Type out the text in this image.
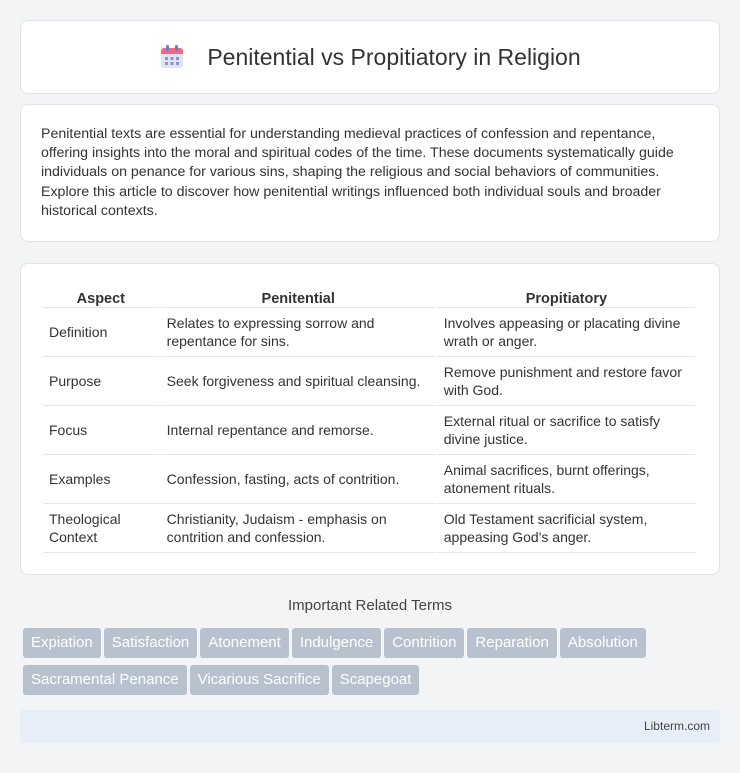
Penitential vs Propitiatory in Religion

Penitential texts are essential for understanding medieval practices of confession and repentance, offering insights into the moral and spiritual codes of the time. These documents systematically guide individuals on penance for various sins, shaping the religious and social behaviors of communities. Explore this article to discover how penitential writings influenced both individual souls and broader historical contexts.

Aspect	Penitential	Propitiatory
Definition	Relates to expressing sorrow and repentance for sins.	Involves appeasing or placating divine wrath or anger.
Purpose	Seek forgiveness and spiritual cleansing.	Remove punishment and restore favor with God.
Focus	Internal repentance and remorse.	External ritual or sacrifice to satisfy divine justice.
Examples	Confession, fasting, acts of contrition.	Animal sacrifices, burnt offerings, atonement rituals.
Theological Context	Christianity, Judaism - emphasis on contrition and confession.	Old Testament sacrificial system, appeasing God's anger.
Important Related Terms
Expiation Satisfaction Atonement Indulgence Contrition Reparation AbsolutionSacramental Penance Vicarious Sacrifice Scapegoat
Libterm.com
